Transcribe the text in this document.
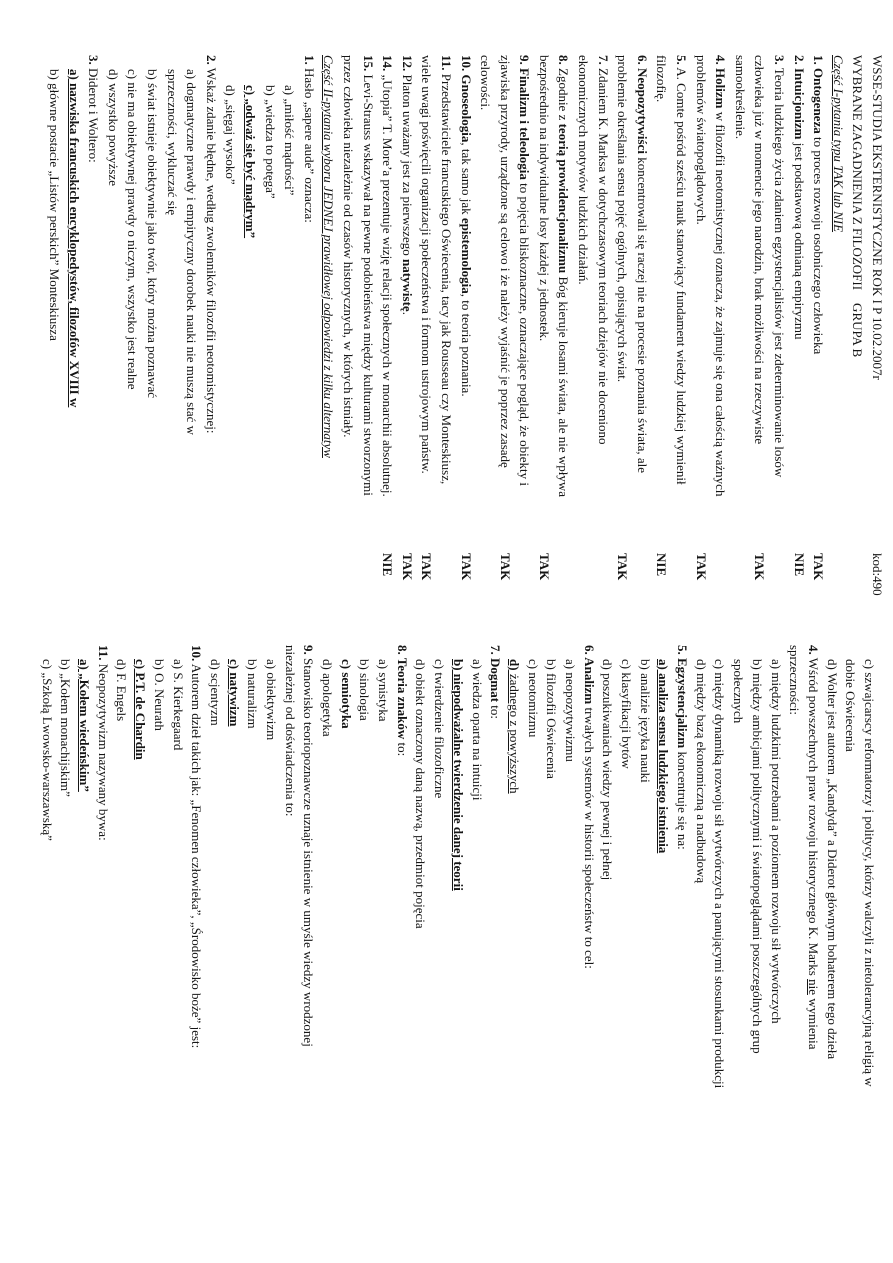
WSSE-STUDIA EKSTERNISTYCZNE ROK I P 10.02.2007r
kod:490
WYBRANE ZAGADNIENIA Z FILOZOFII    GRUPA B
Część I-pytania typu TAK lub NIE
1. Ontogeneza to proces rozwoju osobniczego człowieka
TAK
2. Intuicjonizm jest podstawową odmianą empiryzmu
NIE
3. Teoria ludzkiego życia zdaniem egzystencjalistów jest zdeterminowanie losów
człowieka już w momencie jego narodzin, brak możliwości na rzeczywiste
TAK
samookreślenie.
4. Holizm w filozofii neotomistycznej oznacza, że zajmuje się ona całością ważnych
problemów światopoglądowych.
TAK
5. A. Comte pośród sześciu nauk stanowiący fundament wiedzy ludzkiej wymienił
filozofię.
NIE
6. Neopozytywiści koncentrowali się raczej nie na procesie poznania świata, ale
problemie określania sensu pojęć ogólnych, opisujących świat.
TAK
7. Zdaniem K. Marksa w dotychczasowym teoriach dziejów nie doceniono
ekonomicznych motywów ludzkich działań.
8. Zgodnie z teorią prowidencjonalizmu Bóg kieruje losami świata, ale nie wpływa
bezpośrednio na indywidualne losy każdej z jednostek.
TAK
9. Finalizm i teleologia to pojęcia bliskoznaczne, oznaczające pogląd, że obiekty i
zjawiska przyrody, urządzone są celowo i że należy wyjaśnić je poprzez zasadę
TAK
celowości.
10. Gnoseologia, tak samo jak epistemologia, to teoria poznania.
TAK
11. Przedstawiciele francuskiego Oświecenia, tacy jak Rousseau czy Monteskiusz,
wiele uwagi poświęcili organizacji społeczeństwa i formom ustrojowym państw.
TAK
12. Platon uważany jest za pierwszego natywistę.
TAK
14. „Utopia” T. More’a prezentuje wizję relacji społecznych w monarchii absolutnej.
NIE
15. Levi-Strauss wskazywał na pewne podobieństwa między kulturami stworzonymi
przez człowieka niezależnie od czasów historycznych, w których istniały.
Część II-pytania wyboru JEDNEJ prawidłowej odpowiedzi z kilku alternatyw
1. Hasło „sapere aude” oznacza:
a) „miłość mądrości”
b) „wiedza to potęga”
c) „odważ się być mądrym”
d) „sięgaj wysoko”
2. Wskaż zdanie błędne, według zwolenników filozofii neotomistycznej:
a) dogmatyczne prawdy i empiryczny dorobek nauki nie muszą stać w
sprzeczności, wykluczać się
b) świat istnieje obiektywnie jako twór, który można poznawać
c) nie ma obiektywnej prawdy o niczym, wszystko jest realne
d) wszystko powyższe
3. Diderot i Woltero:
a) nazwiska francuskich encyklopedystów, filozofów XVIII w
b) główne postacie „Listów perskich” Monteskiusza
c) szwajcarscy reformatorzy i politycy, którzy walczyli z nietolerancyjną religią w
dobie Oświecenia
d) Wolter jest autorem „Kandyda” a Diderot głównym bohaterem tego dzieła
4. Wśród powszechnych praw rozwoju historycznego K. Marks nie wymienia
sprzeczności:
a) między ludzkimi potrzebami a poziomem rozwoju sił wytwórczych
b) między ambicjami politycznymi i światopoglądami poszczególnych grup
społecznych
c) między dynamiką rozwoju sił wytwórczych a panującymi stosunkami produkcji
d) między bazą ekonomiczną a nadbudową
5. Egzystencjalizm koncentruje się na:
a) analiza sensu ludzkiego istnienia
b) analizie języka nauki
c) klasyfikacji bytów
d) poszukiwaniach wiedzy pewnej i pełnej
6. Analizm trwałych systemów w historii społeczeństw to cel:
a) neopozytywizmu
b) filozofii Oświecenia
c) neotomizmu
d) żadnego z powyższych
7. Dogmat to:
a) wiedza oparta na intuicji
b) niepodważalne twierdzenie danej teorii
c) twierdzenie filozoficzne
d) obiekt oznaczony daną nazwą, przedmiot pojęcia
8. Teoria znaków to:
a) synistyka
b) sinologia
c) semiotyka
d) apologetyka
9. Stanowisko teoriopoznawcze uznaje istnienie w umyśle wiedzy wrodzonej
niezależnej od doświadczenia to:
a) obiektywizm
b) naturalizm
c) natywizm
d) scjentyzm
10. Autorem dzieł takich jak: „Fenomen człowieka”, „Środowisko boże” jest:
a) S. Kierkegaard
b) O. Neurath
c) P.T. de Chardin
d) F. Engels
11. Neopozytywizm nazywany bywa:
a) „Kołem wiedeńskim”
b) „Kołem monachijskim”
c) „Szkołą Lwowsko-warszawską”
